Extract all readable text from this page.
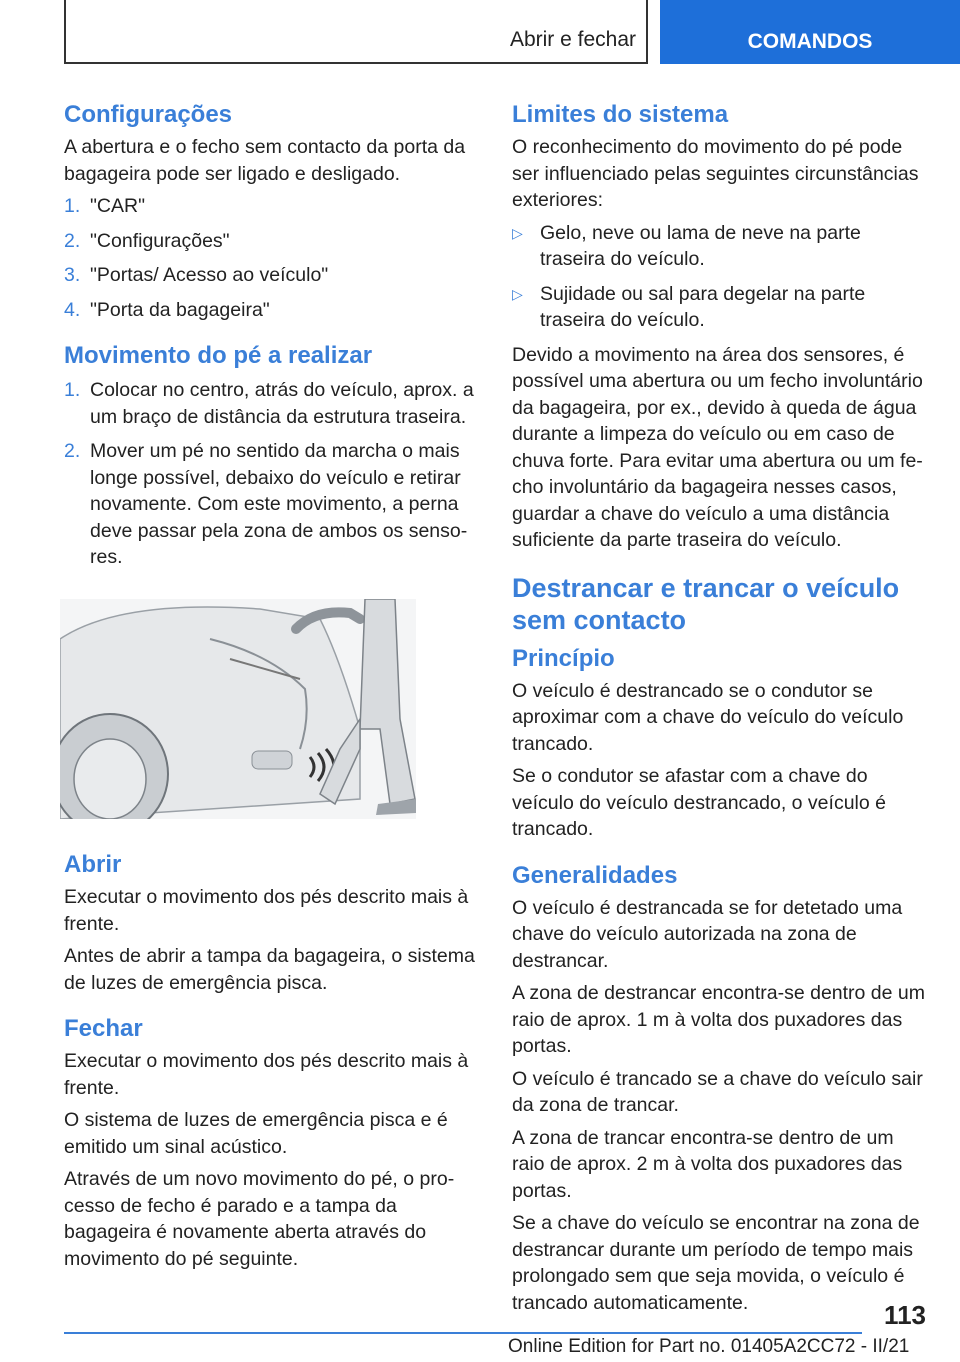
Abrir e fechar	COMANDOS
Configurações

A abertura e o fecho sem contacto da porta da bagageira pode ser ligado e desligado.

1. "CAR"
2. "Configurações"
3. "Portas/ Acesso ao veículo"
4. "Porta da bagageira"
Movimento do pé a realizar
1. Colocar no centro, atrás do veículo, aprox. a um braço de distância da estrutura traseira.
2. Mover um pé no sentido da marcha o mais longe possível, debaixo do veículo e retirar novamente. Com este movimento, a perna deve passar pela zona de ambos os sensores.
Abrir

Executar o movimento dos pés descrito mais à frente.

Antes de abrir a tampa da bagageira, o sistema de luzes de emergência pisca.

Fechar

Executar o movimento dos pés descrito mais à frente.

O sistema de luzes de emergência pisca e é emitido um sinal acústico.

Através de um novo movimento do pé, o processo de fecho é parado e a tampa da bagageira é novamente aberta através do movimento do pé seguinte.

Limites do sistema

O reconhecimento do movimento do pé pode ser influenciado pelas seguintes circunstâncias exteriores:

▷ Gelo, neve ou lama de neve na parte traseira do veículo.
▷ Sujidade ou sal para degelar na parte traseira do veículo.

Devido a movimento na área dos sensores, é possível uma abertura ou um fecho involuntário da bagageira, por ex., devido à queda de água durante a limpeza do veículo ou em caso de chuva forte. Para evitar uma abertura ou um fecho involuntário da bagageira nesses casos, guardar a chave do veículo a uma distância suficiente da parte traseira do veículo.

Destrancar e trancar o veículo sem contacto
Princípio

O veículo é destrancado se o condutor se aproximar com a chave do veículo do veículo trancado.

Se o condutor se afastar com a chave do veículo do veículo destrancado, o veículo é trancado.

Generalidades

O veículo é destrancada se for detetado uma chave do veículo autorizada na zona de destrancar.

A zona de destrancar encontra-se dentro de um raio de aprox. 1 m à volta dos puxadores das portas.

O veículo é trancado se a chave do veículo sair da zona de trancar.

A zona de trancar encontra-se dentro de um raio de aprox. 2 m à volta dos puxadores das portas.

Se a chave do veículo se encontrar na zona de destrancar durante um período de tempo mais prolongado sem que seja movida, o veículo é trancado automaticamente.	113
Online Edition for Part no. 01405A2CC72 - II/21
